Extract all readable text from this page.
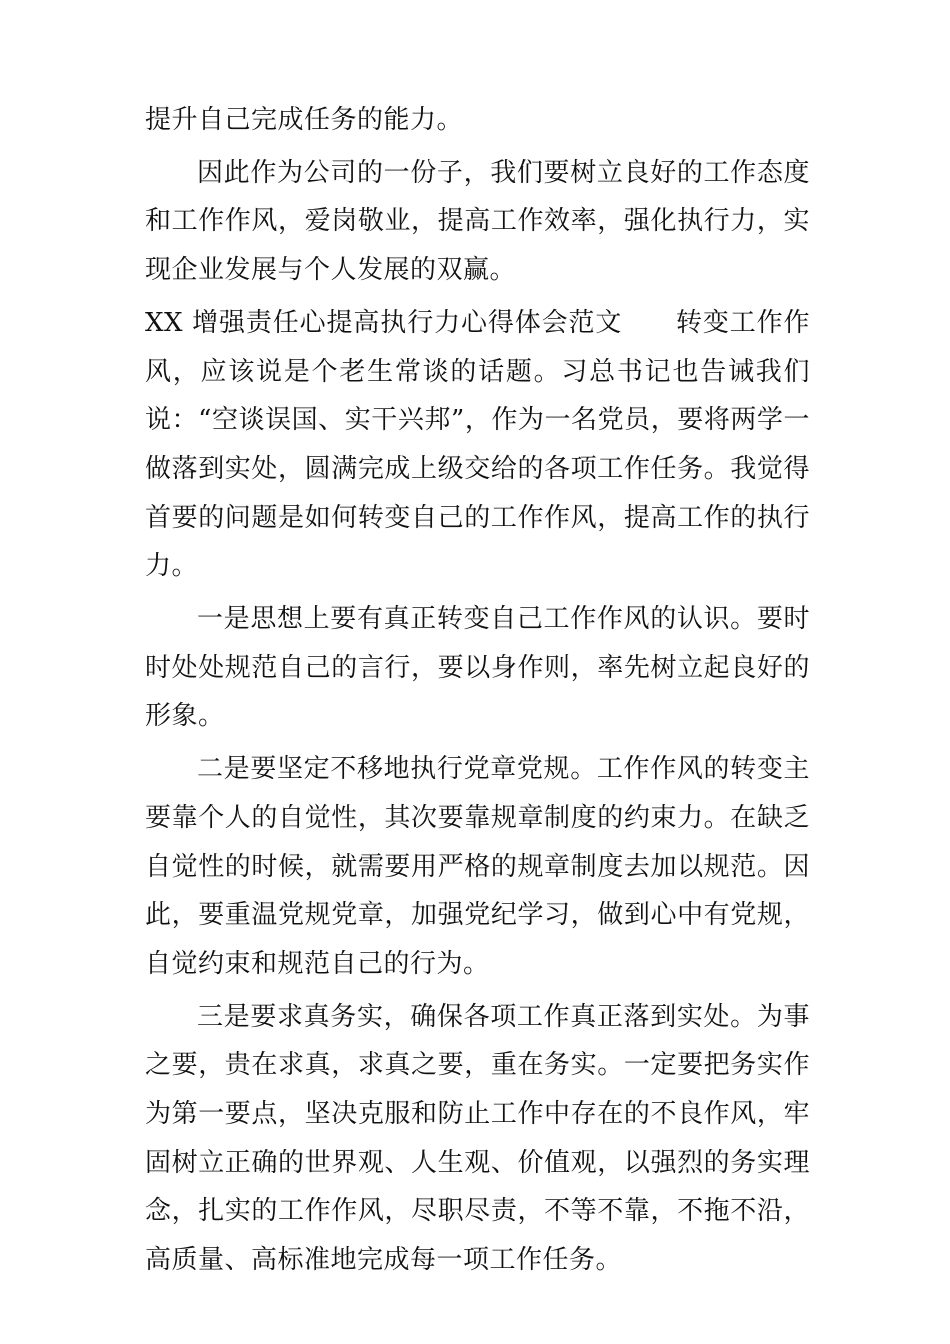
提升自己完成任务的能力。

因此作为公司的一份子，我们要树立良好的工作态度和工作作风，爱岗敬业，提高工作效率，强化执行力，实现企业发展与个人发展的双赢。

XX 增强责任心提高执行力心得体会范文　　转变工作作风，应该说是个老生常谈的话题。习总书记也告诫我们说：“空谈误国、实干兴邦”，作为一名党员，要将两学一做落到实处，圆满完成上级交给的各项工作任务。我觉得首要的问题是如何转变自己的工作作风，提高工作的执行力。

一是思想上要有真正转变自己工作作风的认识。要时时处处规范自己的言行，要以身作则，率先树立起良好的形象。

二是要坚定不移地执行党章党规。工作作风的转变主要靠个人的自觉性，其次要靠规章制度的约束力。在缺乏自觉性的时候，就需要用严格的规章制度去加以规范。因此，要重温党规党章，加强党纪学习，做到心中有党规，自觉约束和规范自己的行为。

三是要求真务实，确保各项工作真正落到实处。为事之要，贵在求真，求真之要，重在务实。一定要把务实作为第一要点，坚决克服和防止工作中存在的不良作风，牢固树立正确的世界观、人生观、价值观，以强烈的务实理念，扎实的工作作风，尽职尽责，不等不靠，不拖不沿，高质量、高标准地完成每一项工作任务。
